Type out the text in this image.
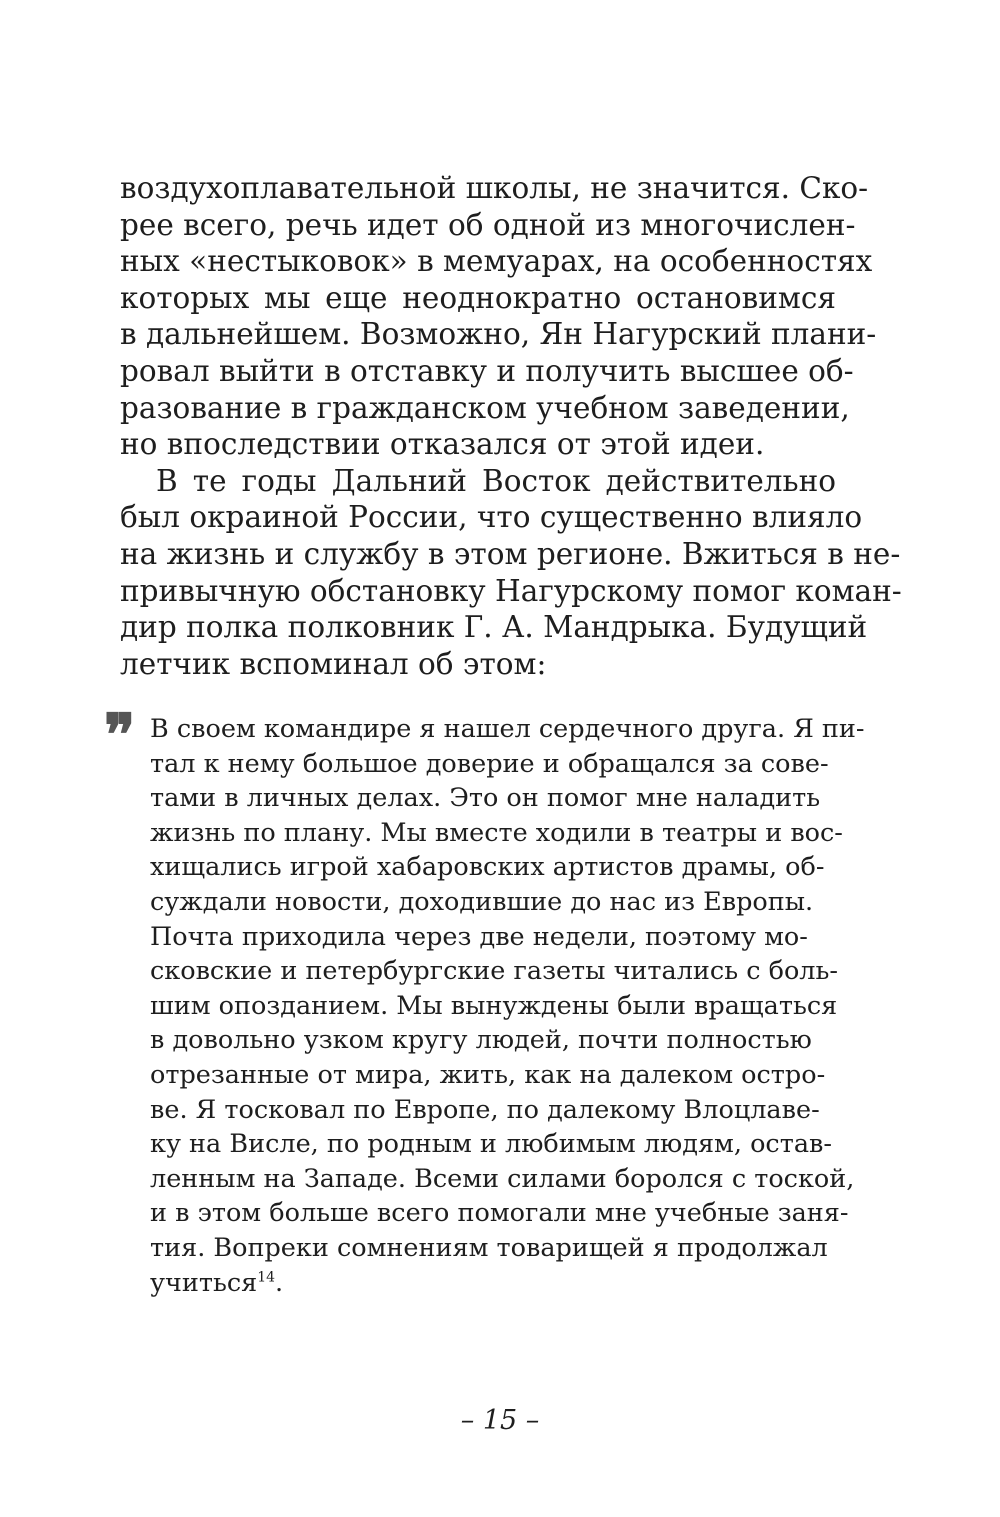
воздухоплавательной школы, не значится. Ско-
рее всего, речь идет об одной из многочислен-
ных «нестыковок» в мемуарах, на особенностях
которых мы еще неоднократно остановимся
в дальнейшем. Возможно, Ян Нагурский плани-
ровал выйти в отставку и получить высшее об-
разование в гражданском учебном заведении,
но впоследствии отказался от этой идеи.
В те годы Дальний Восток действительно
был окраиной России, что существенно влияло
на жизнь и службу в этом регионе. Вжиться в не-
привычную обстановку Нагурскому помог коман-
дир полка полковник Г. А. Мандрыка. Будущий
летчик вспоминал об этом:
❞ В своем командире я нашел сердечного друга. Я пи-
тал к нему большое доверие и обращался за сове-
тами в личных делах. Это он помог мне наладить
жизнь по плану. Мы вместе ходили в театры и вос-
хищались игрой хабаровских артистов драмы, об-
суждали новости, доходившие до нас из Европы.
Почта приходила через две недели, поэтому мо-
сковские и петербургские газеты читались с боль-
шим опозданием. Мы вынуждены были вращаться
в довольно узком кругу людей, почти полностью
отрезанные от мира, жить, как на далеком остро-
ве. Я тосковал по Европе, по далекому Влоцлаве-
ку на Висле, по родным и любимым людям, остав-
ленным на Западе. Всеми силами боролся с тоской,
и в этом больше всего помогали мне учебные заня-
тия. Вопреки сомнениям товарищей я продолжал
учиться$^{14}$.
– 15 –
